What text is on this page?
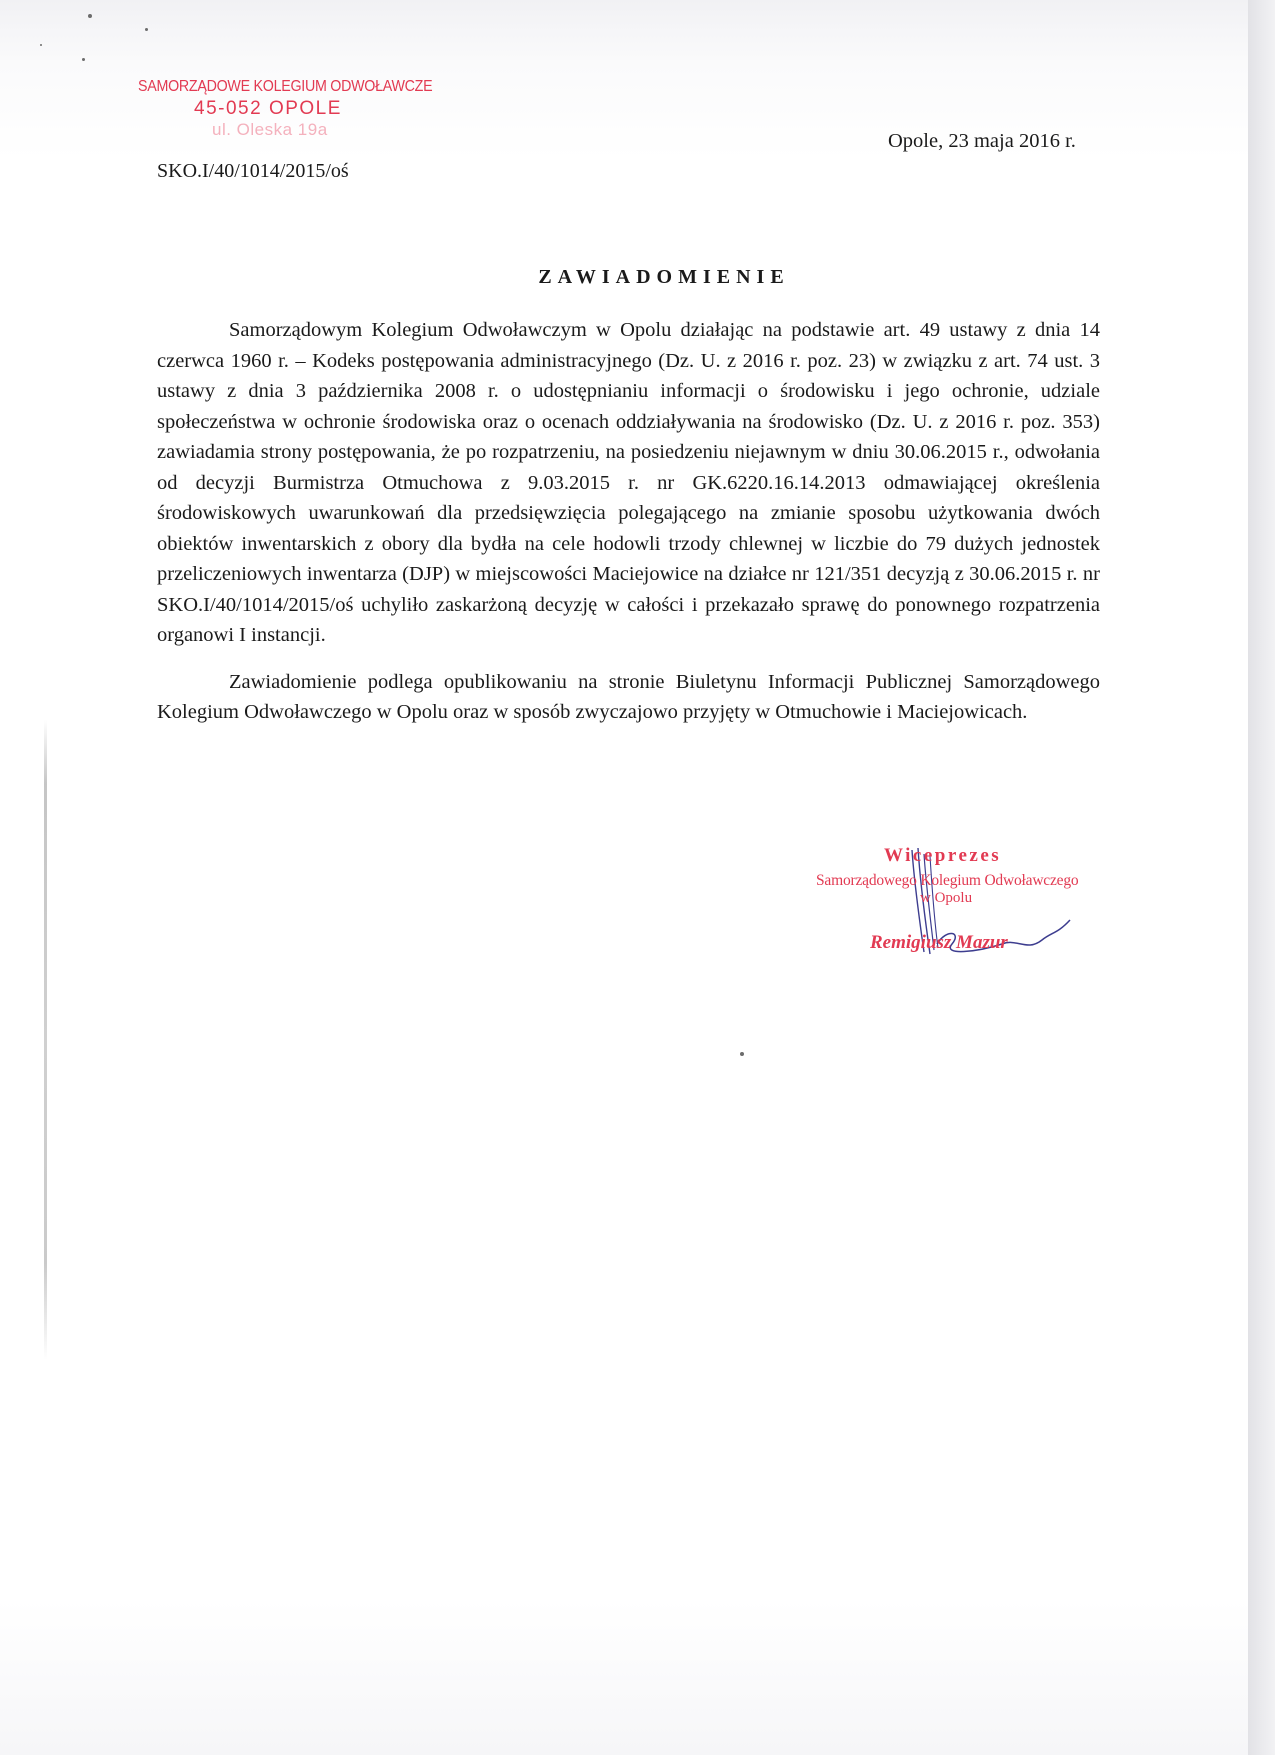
SAMORZĄDOWE KOLEGIUM ODWOŁAWCZE
45-052 OPOLE
ul. Oleska 19a
SKO.I/40/1014/2015/oś
Opole, 23 maja 2016 r.
ZAWIADOMIENIE

Samorządowym Kolegium Odwoławczym w Opolu działając na podstawie art. 49 ustawy z dnia 14 czerwca 1960 r. – Kodeks postępowania administracyjnego (Dz. U. z 2016 r. poz. 23) w związku z art. 74 ust. 3 ustawy z dnia 3 października 2008 r. o udostępnianiu informacji o środowisku i jego ochronie, udziale społeczeństwa w ochronie środowiska oraz o ocenach oddziaływania na środowisko (Dz. U. z 2016 r. poz. 353) zawiadamia strony postępowania, że po rozpatrzeniu, na posiedzeniu niejawnym w dniu 30.06.2015 r., odwołania od decyzji Burmistrza Otmuchowa z 9.03.2015 r. nr GK.6220.16.14.2013 odmawiającej określenia środowiskowych uwarunkowań dla przedsięwzięcia polegającego na zmianie sposobu użytkowania dwóch obiektów inwentarskich z obory dla bydła na cele hodowli trzody chlewnej w liczbie do 79 dużych jednostek przeliczeniowych inwentarza (DJP) w miejscowości Maciejowice na działce nr 121/351 decyzją z 30.06.2015 r. nr SKO.I/40/1014/2015/oś uchyliło zaskarżoną decyzję w całości i przekazało sprawę do ponownego rozpatrzenia organowi I instancji.

Zawiadomienie podlega opublikowaniu na stronie Biuletynu Informacji Publicznej Samorządowego Kolegium Odwoławczego w Opolu oraz w sposób zwyczajowo przyjęty w Otmuchowie i Maciejowicach.

Wiceprezes
Samorządowego Kolegium Odwoławczego
w Opolu
Remigiusz Mazur
